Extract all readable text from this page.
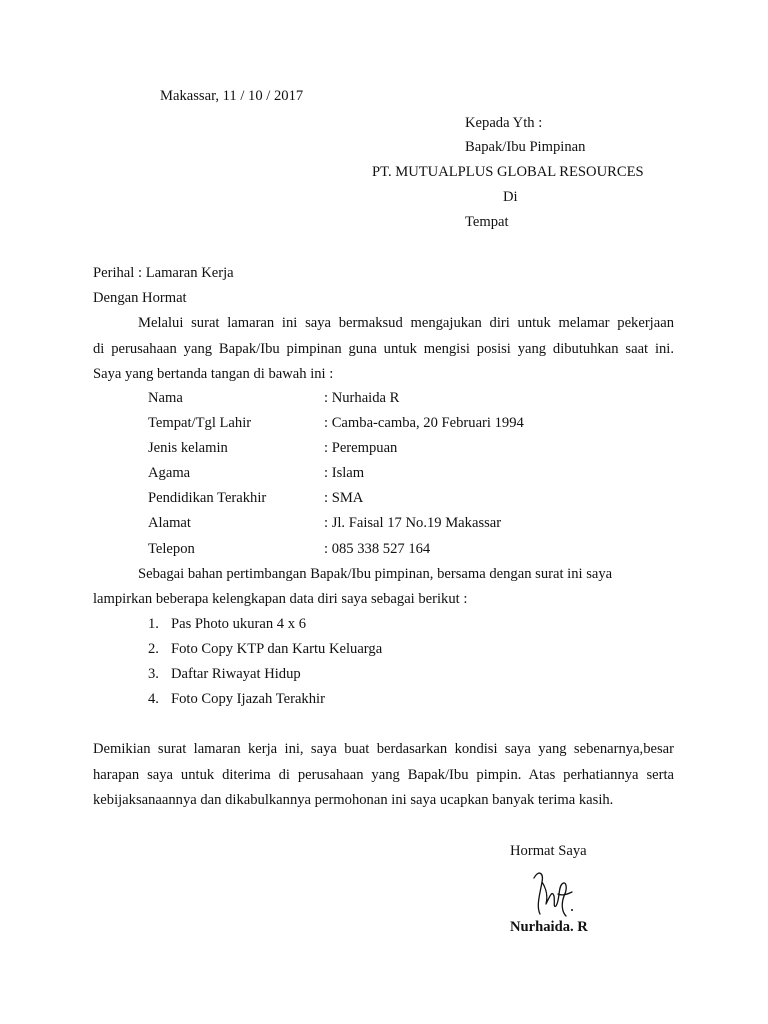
Makassar, 11 / 10 / 2017
Kepada Yth :
Bapak/Ibu Pimpinan
PT. MUTUALPLUS GLOBAL RESOURCES
Di
Tempat
Perihal : Lamaran Kerja
Dengan Hormat
Melalui surat lamaran ini saya bermaksud mengajukan diri untuk melamar pekerjaan
di perusahaan yang Bapak/Ibu pimpinan guna untuk mengisi posisi yang dibutuhkan saat ini.
Saya yang bertanda tangan di bawah ini :
Nama	: Nurhaida R
Tempat/Tgl Lahir	: Camba-camba, 20 Februari 1994
Jenis kelamin	: Perempuan
Agama	: Islam
Pendidikan Terakhir	: SMA
Alamat	: Jl. Faisal 17 No.19 Makassar
Telepon	: 085 338 527 164
Sebagai bahan pertimbangan Bapak/Ibu pimpinan, bersama dengan surat ini saya
lampirkan beberapa kelengkapan data diri saya sebagai berikut :
1. Pas Photo ukuran 4 x 6
2. Foto Copy KTP dan Kartu Keluarga
3. Daftar Riwayat Hidup
4. Foto Copy Ijazah Terakhir
Demikian surat lamaran kerja ini, saya buat berdasarkan kondisi saya yang sebenarnya,besar
harapan saya untuk diterima di perusahaan yang Bapak/Ibu pimpin. Atas perhatiannya serta
kebijaksanaannya dan dikabulkannya permohonan ini saya ucapkan banyak terima kasih.
Hormat Saya
Nurhaida. R
